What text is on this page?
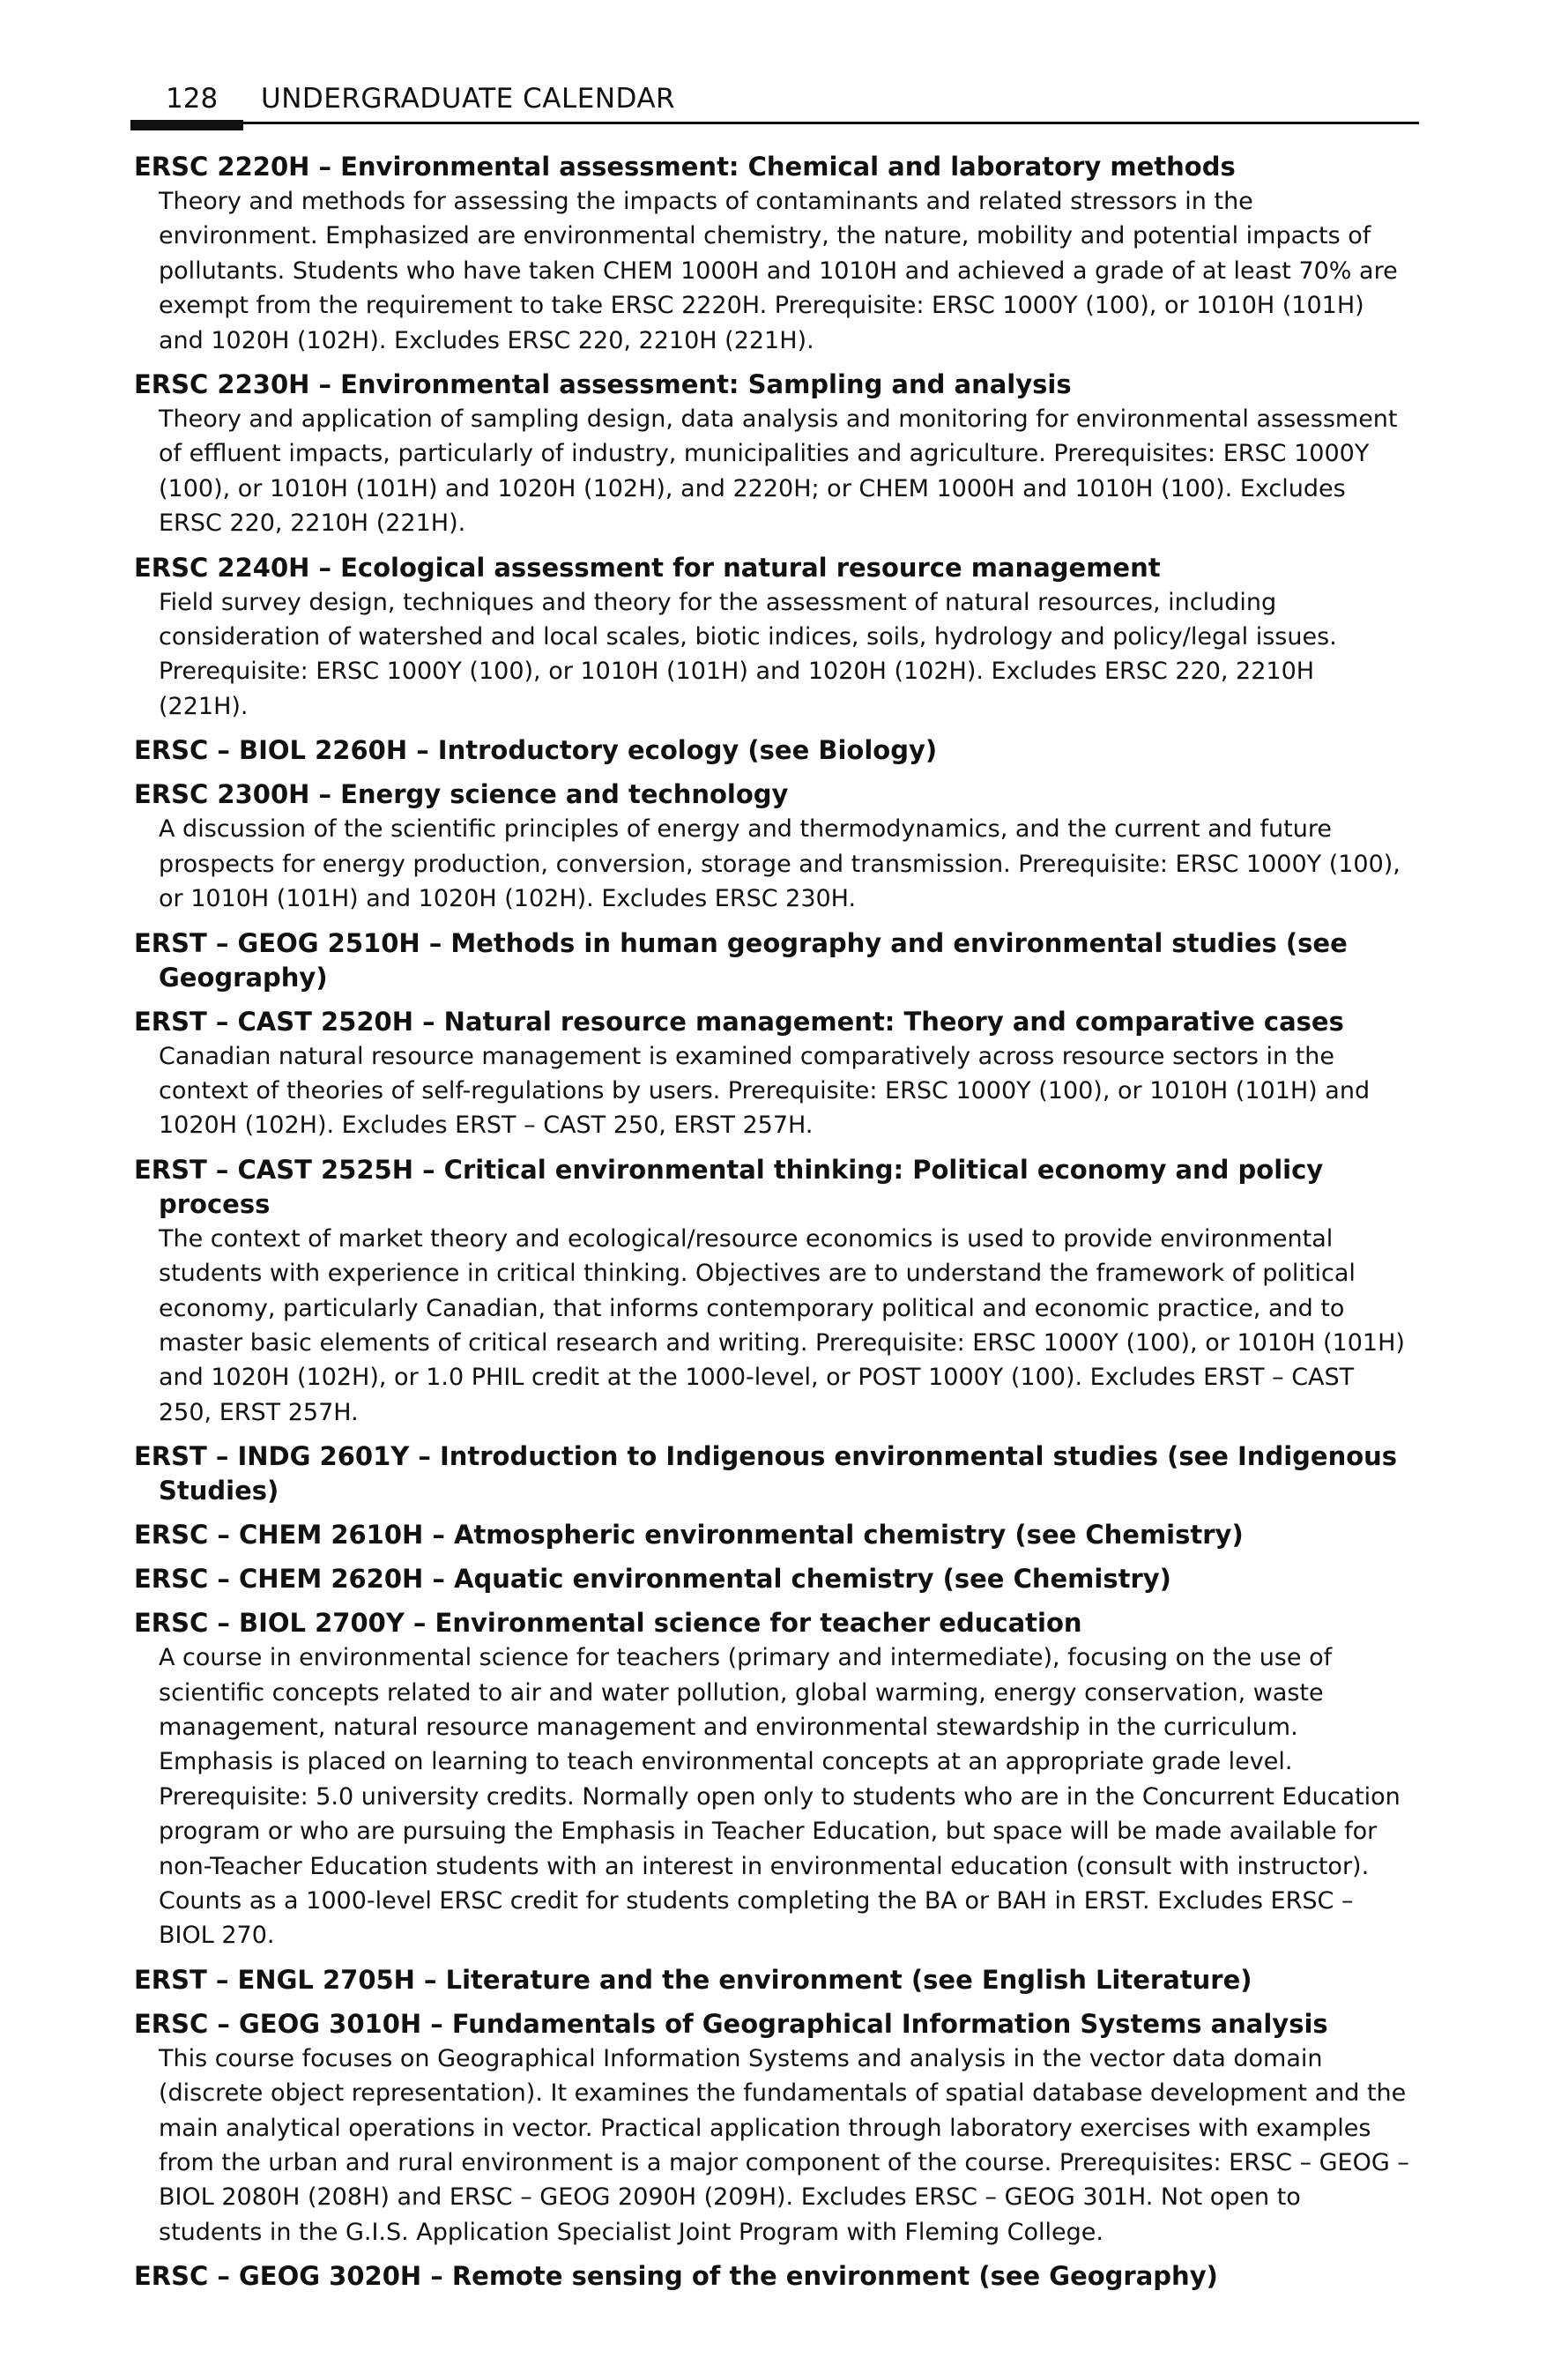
128 UNDERGRADUATE CALENDAR
ERSC 2220H – Environmental assessment: Chemical and laboratory methods
Theory and methods for assessing the impacts of contaminants and related stressors in the environment. Emphasized are environmental chemistry, the nature, mobility and potential impacts of pollutants. Students who have taken CHEM 1000H and 1010H and achieved a grade of at least 70% are exempt from the requirement to take ERSC 2220H. Prerequisite: ERSC 1000Y (100), or 1010H (101H) and 1020H (102H). Excludes ERSC 220, 2210H (221H).
ERSC 2230H – Environmental assessment: Sampling and analysis
Theory and application of sampling design, data analysis and monitoring for environmental assessment of effluent impacts, particularly of industry, municipalities and agriculture. Prerequisites: ERSC 1000Y (100), or 1010H (101H) and 1020H (102H), and 2220H; or CHEM 1000H and 1010H (100). Excludes ERSC 220, 2210H (221H).
ERSC 2240H – Ecological assessment for natural resource management
Field survey design, techniques and theory for the assessment of natural resources, including consideration of watershed and local scales, biotic indices, soils, hydrology and policy/legal issues. Prerequisite: ERSC 1000Y (100), or 1010H (101H) and 1020H (102H). Excludes ERSC 220, 2210H (221H).
ERSC – BIOL 2260H – Introductory ecology (see Biology)
ERSC 2300H – Energy science and technology
A discussion of the scientific principles of energy and thermodynamics, and the current and future prospects for energy production, conversion, storage and transmission. Prerequisite: ERSC 1000Y (100), or 1010H (101H) and 1020H (102H). Excludes ERSC 230H.
ERST – GEOG 2510H – Methods in human geography and environmental studies (see Geography)
ERST – CAST 2520H – Natural resource management: Theory and comparative cases
Canadian natural resource management is examined comparatively across resource sectors in the context of theories of self-regulations by users. Prerequisite: ERSC 1000Y (100), or 1010H (101H) and 1020H (102H). Excludes ERST – CAST 250, ERST 257H.
ERST – CAST 2525H – Critical environmental thinking: Political economy and policy process
The context of market theory and ecological/resource economics is used to provide environmental students with experience in critical thinking. Objectives are to understand the framework of political economy, particularly Canadian, that informs contemporary political and economic practice, and to master basic elements of critical research and writing. Prerequisite: ERSC 1000Y (100), or 1010H (101H) and 1020H (102H), or 1.0 PHIL credit at the 1000-level, or POST 1000Y (100). Excludes ERST – CAST 250, ERST 257H.
ERST – INDG 2601Y – Introduction to Indigenous environmental studies (see Indigenous Studies)
ERSC – CHEM 2610H – Atmospheric environmental chemistry (see Chemistry)
ERSC – CHEM 2620H – Aquatic environmental chemistry (see Chemistry)
ERSC – BIOL 2700Y – Environmental science for teacher education
A course in environmental science for teachers (primary and intermediate), focusing on the use of scientific concepts related to air and water pollution, global warming, energy conservation, waste management, natural resource management and environmental stewardship in the curriculum. Emphasis is placed on learning to teach environmental concepts at an appropriate grade level. Prerequisite: 5.0 university credits. Normally open only to students who are in the Concurrent Education program or who are pursuing the Emphasis in Teacher Education, but space will be made available for non-Teacher Education students with an interest in environmental education (consult with instructor). Counts as a 1000-level ERSC credit for students completing the BA or BAH in ERST. Excludes ERSC – BIOL 270.
ERST – ENGL 2705H – Literature and the environment (see English Literature)
ERSC – GEOG 3010H – Fundamentals of Geographical Information Systems analysis
This course focuses on Geographical Information Systems and analysis in the vector data domain (discrete object representation). It examines the fundamentals of spatial database development and the main analytical operations in vector. Practical application through laboratory exercises with examples from the urban and rural environment is a major component of the course. Prerequisites: ERSC – GEOG – BIOL 2080H (208H) and ERSC – GEOG 2090H (209H). Excludes ERSC – GEOG 301H. Not open to students in the G.I.S. Application Specialist Joint Program with Fleming College.
ERSC – GEOG 3020H – Remote sensing of the environment (see Geography)
